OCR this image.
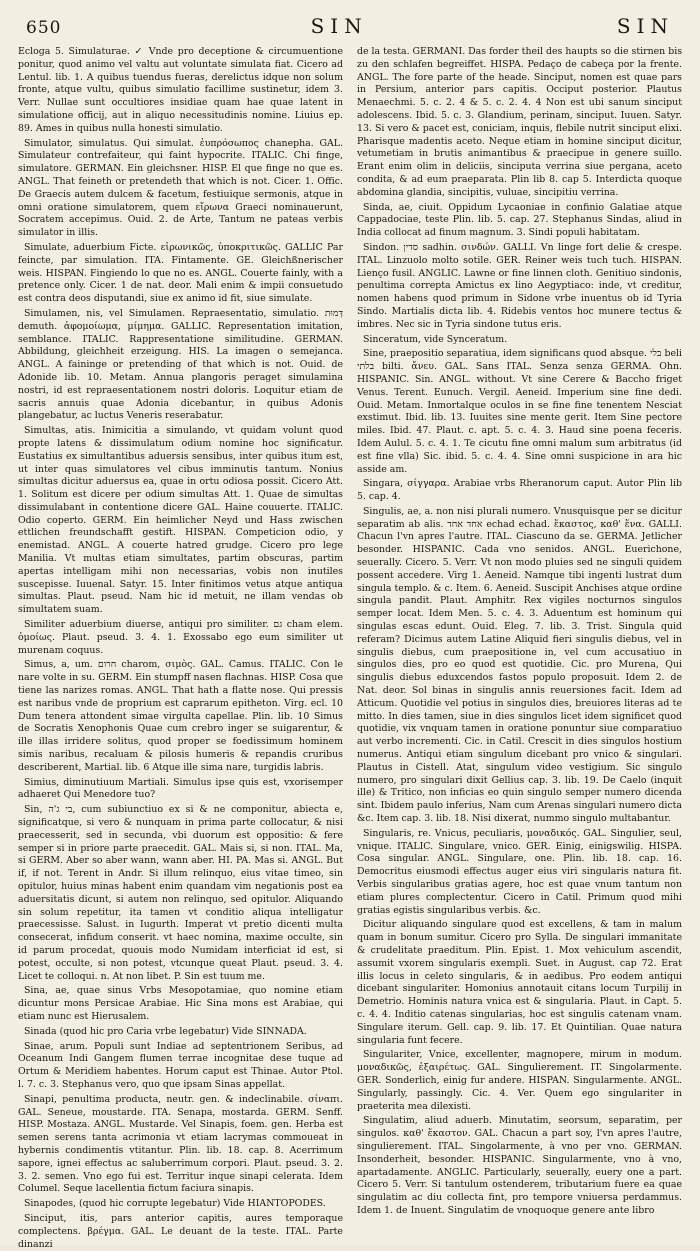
650	SIN	SIN

Ecloga 5. Simulaturae. ✓ Vnde pro deceptione & circumuentione ponitur, quod animo vel valtu aut voluntate simulata fiat. Cicero ad Lentul. lib. 1. A quibus tuendus fueras, derelictus idque non solum fronte, atque vultu, quibus simulatio facillime sustinetur, idem 3. Verr. Nullae sunt occultiores insidiae quam hae quae latent in simulatione officij, aut in aliquo necessitudinis nomine. Liuius ep. 89. Ames in quibus nulla honesti simulatio.

Simulator, simulatus. Qui simulat. ἐυπρόσωπος chanepha. GAL. Simulateur contrefaiteur, qui faint hypocrite. ITALIC. Chi finge, simulatore. GERMAN. Ein gleichsner. HISP. El que finge no que es. ANGL. That feineth or pretendeth that which is not. Cicer. 1. Offic. De Graecis autem dulcem & facetum, festiuique sermonis, atque in omni oratione simulatorem, quem εἴρωνα Graeci nominauerunt, Socratem accepimus. Ouid. 2. de Arte, Tantum ne pateas verbis simulator in illis.

Simulate, aduerbium Ficte. εἰρωνικῶς, ὑποκριτικῶς. GALLIC Par feincte, par simulation. ITA. Fintamente. GE. Gleichßnerischer weis. HISPAN. Fingiendo lo que no es. ANGL. Couerte fainly, with a pretence only. Cicer. 1 de nat. deor. Mali enim & impii consuetudo est contra deos disputandi, siue ex animo id fit, siue simulate.

Simulamen, nis, vel Simulamen. Repraesentatio, simulatio. דְּמוּת demuth. ἀφομοίωμα, μίμημα. GALLIC. Representation imitation, semblance. ITALIC. Rappresentatione similitudine. GERMAN. Abbildung, gleichheit erzeigung. HIS. La imagen o semejanca. ANGL. A faininge or pretending of that which is not. Ouid. de Adonide lib. 10. Metam. Annua plangoris peraget simulamina nostri, id est repraesentationem nostri doloris. Loquitur etiam de sacris annuis quae Adonia dicebantur, in quibus Adonis plangebatur, ac luctus Veneris reserabatur.

Simultas, atis. Inimicitia a simulando, vt quidam volunt quod propte latens & dissimulatum odium nomine hoc significatur. Eustatius ex simultantibus aduersis sensibus, inter quibus itum est, ut inter quas simulatores vel cibus imminutis tantum. Nonius simultas dicitur aduersus ea, quae in ortu odiosa possit. Cicero Att. 1. Solitum est dicere per odium simultas Att. 1. Quae de simultas dissimulabant in contentione dicere GAL. Haine couuerte. ITALIC. Odio coperto. GERM. Ein heimlicher Neyd und Hass zwischen ettlichen freundschafft gestift. HISPAN. Competicion odio, y enemistad. ANGL. A couerte hatred grudge. Cicero pro lege Manilia. Vt multas etiam simultates, partim obscuras, partim apertas intelligam mihi non necessarias, vobis non inutiles suscepisse. Iuuenal. Satyr. 15. Inter finitimos vetus atque antiqua simultas. Plaut. pseud. Nam hic id metuit, ne illam vendas ob simultatem suam.

Similiter aduerbium diuerse, antiqui pro similiter. גם cham elem. ὁμοίως. Plaut. pseud. 3. 4. 1. Exossabo ego eum similiter ut murenam coquus.

Simus, a, um. חרום charom, σιμὸς. GAL. Camus. ITALIC. Con le nare volte in su. GERM. Ein stumpff nasen flachnas. HISP. Cosa que tiene las narizes romas. ANGL. That hath a flatte nose. Qui pressis est naribus vnde de proprium est caprarum epitheton. Virg. ecl. 10 Dum tenera attondent simae virgulta capellae. Plin. lib. 10 Simus de Socratis Xenophonis Quae cum crebro inger se suigarentur, & ille illas irridere solitus, quod proper se foedissimum hominem simis naribus, recaluam & pilosis humeris & repandis cruribus describerent, Martial. lib. 6 Atque ille sima nare, turgidis labris.

Simius, diminutiuum Martiali. Simulus ipse quis est, vxorisemper adhaeret Qui Menedore tuo?

Sin, בי ג'ה, cum subiunctiuo ex si & ne componitur, abiecta e, significatque, si vero & nunquam in prima parte collocatur, & nisi praecesserit, sed in secunda, vbi duorum est oppositio: & fere semper si in priore parte praecedit. GAL. Mais si, si non. ITAL. Ma, si GERM. Aber so aber wann, wann aber. HI. PA. Mas si. ANGL. But if, if not. Terent in Andr. Si illum relinquo, eius vitae timeo, sin opitulor, huius minas habent enim quandam vim negationis post ea aduersitatis dicunt, si autem non relinquo, sed opitulor. Aliquando sin solum repetitur, ita tamen vt conditio aliqua intelligatur praecessisse. Salust. in Iugurth. Imperat vt pretio dicenti multa consecerat, infidum conserit. vt haec nomina, maxime occulte, sin id parum procedat, quouis modo Numidam interficiat id est, si potest, occulte, si non potest, vtcunque queat Plaut. pseud. 3. 4. Licet te colloqui. n. At non libet. P. Sin est tuum me.

Sina, ae, quae sinus Vrbs Mesopotamiae, quo nomine etiam dicuntur mons Persicae Arabiae. Hic Sina mons est Arabiae, qui etiam nunc est Hierusalem.

Sinada (quod hic pro Caria vrbe legebatur) Vide SINNADA.

Sinae, arum. Populi sunt Indiae ad septentrionem Seribus, ad Oceanum Indi Gangem flumen terrae incognitae dese tuque ad Ortum & Meridiem habentes. Horum caput est Thinae. Autor Ptol. l. 7. c. 3. Stephanus vero, quo que ipsam Sinas appellat.

Sinapi, penultima producta, neutr. gen. & indeclinabile. σίναπι. GAL. Seneue, moustarde. ITA. Senapa, mostarda. GERM. Senff. HISP. Mostaza. ANGL. Mustarde. Vel Sinapis, foem. gen. Herba est semen serens tanta acrimonia vt etiam lacrymas commoueat in hybernis condimentis vtitantur. Plin. lib. 18. cap. 8. Acerrimum sapore, ignei effectus ac saluberrimum corpori. Plaut. pseud. 3. 2. 3. 2. semen. Vno ego fui est. Territur inque sinapi celerata. Idem Columel. Seque lacellentia fictum faciura sinapis.

Sinapodes, (quod hic corrupte legebatur) Vide HIANTOPODES.

Sinciput, itis, pars anterior capitis, aures temporaque complectens. βρέγμα. GAL. Le deuant de la teste. ITAL. Parte dinanzi

de la testa. GERMANI. Das forder theil des haupts so die stirnen bis zu den schlafen begreiffet. HISPA. Pedaço de cabeça por la frente. ANGL. The fore parte of the heade. Sinciput, nomen est quae pars in Persium, anterior pars capitis. Occiput posterior. Plautus Menaechmi. 5. c. 2. 4 & 5. c. 2. 4. 4 Non est ubi sanum sinciput adolescens. Ibid. 5. c. 3. Glandium, perinam, sinciput. Iuuen. Satyr. 13. Si vero & pacet est, coniciam, inquis, flebile nutrit sinciput elixi. Pharisque madentis aceto. Neque etiam in homine sinciput dicitur, vetumetiam in brutis animantibus & praecipue in genere suillo. Erant enim olim in deliciis, sinciputa verrina siue pergana, aceto condita, & ad eum praeparata. Plin lib 8. cap 5. Interdicta quoque abdomina glandia, sincipitis, vuluae, sincipitiu verrina.

Sinda, ae, ciuit. Oppidum Lycaoniae in confinio Galatiae atque Cappadociae, teste Plin. lib. 5. cap. 27. Stephanus Sindas, aliud in India collocat ad finum magnum. 3. Sindi populi habitatam.

Sindon. סדין sadhin. σινδών. GALLI. Vn linge fort delie & crespe. ITAL. Linzuolo molto sotile. GER. Reiner weis tuch tuch. HISPAN. Lienço fusil. ANGLIC. Lawne or fine linnen cloth. Genitiuo sindonis, penultima correpta Amictus ex lino Aegyptiaco: inde, vt creditur, nomen habens quod primum in Sidone vrbe inuentus ob id Tyria Sindo. Martialis dicta lib. 4. Ridebis ventos hoc munere tectus & imbres. Nec sic in Tyria sindone tutus eris.

Sinceratum, vide Synceratum.

Sine, praepositio separatiua, idem significans quod absque. בלי beli בלתי bilti. ἄνευ. GAL. Sans ITAL. Senza senza GERMA. Ohn. HISPANIC. Sin. ANGL. without. Vt sine Cerere & Baccho friget Venus. Terent. Eunuch. Vergil. Aeneid. Imperium sine fine dedi. Ouid. Metam. Inmortalque oculos in se fine fine tenentem Nesciat exstimut. Ibid. lib. 13. Iuuites sine mente gerit. Item Sine pectore miles. Ibid. 47. Plaut. c. apt. 5. c. 4. 3. Haud sine poena feceris. Idem Aulul. 5. c. 4. 1. Te cicutu fine omni malum sum arbitratus (id est fine vlla) Sic. ibid. 5. c. 4. 4. Sine omni suspicione in ara hic asside am.

Singara, σίγγαρα. Arabiae vrbs Rheranorum caput. Autor Plin lib 5. cap. 4.

Singulis, ae, a. non nisi plurali numero. Vnusquisque per se dicitur separatim ab alis. אחד אחד echad echad. ἕκαστος, καθ' ἕνα. GALLI. Chacun l'vn apres l'autre. ITAL. Ciascuno da se. GERMA. Jetlicher besonder. HISPANIC. Cada vno senidos. ANGL. Euerichone, seuerally. Cicero. 5. Verr. Vt non modo pluies sed ne singuli quidem possent accedere. Virg 1. Aeneid. Namque tibi ingenti lustrat dum singula templo. & c. Item. 6. Aeneid. Suscipit Anchises atque ordine singula pandit. Plaut. Amphitr. Rex vigiles nocturnos singulos semper locat. Idem Men. 5. c. 4. 3. Aduentum est hominum qui singulas escas edunt. Ouid. Eleg. 7. lib. 3. Trist. Singula quid referam? Dicimus autem Latine Aliquid fieri singulis diebus, vel in singulis diebus, cum praepositione in, vel cum accusatiuo in singulos dies, pro eo quod est quotidie. Cic. pro Murena, Qui singulis diebus eduxcendos fastos populo proposuit. Idem 2. de Nat. deor. Sol binas in singulis annis reuersiones facit. Idem ad Atticum. Quotidie vel potius in singulos dies, breuiores literas ad te mitto. In dies tamen, siue in dies singulos licet idem significet quod quotidie, vix vnquam tamen in oratione ponuntur siue comparatiuo aut verbo incrementi. Cic. in Catil. Crescit in dies singulos hostium numerus. Antiqui etiam singulum dicebant pro vnico & singulari. Plautus in Cistell. Atat, singulum video vestigium. Sic singulo numero, pro singulari dixit Gellius cap. 3. lib. 19. De Caelo (inquit ille) & Tritico, non inficias eo quin singulo semper numero dicenda sint. Ibidem paulo inferius, Nam cum Arenas singulari numero dicta &c. Item cap. 3. lib. 18. Nisi dixerat, nummo singulo multabantur.

Singularis, re. Vnicus, peculiaris, μοναδικός. GAL. Singulier, seul, vnique. ITALIC. Singulare, vnico. GER. Einig, einigswilig. HISPA. Cosa singular. ANGL. Singulare, one. Plin. lib. 18. cap. 16. Democritus eiusmodi effectus auger eius viri singularis natura fit. Verbis singularibus gratias agere, hoc est quae vnum tantum non etiam plures complectentur. Cicero in Catil. Primum quod mihi gratias egistis singularibus verbis. &c.

Dicitur aliquando singulare quod est excellens, & tam in malum quam in bonum sumitur. Cicero pro Sylla. De singulari immanitate & crudelitate praeditum. Plin. Epist. 1. Mox vehiculum ascendit, assumit vxorem singularis exempli. Suet. in August. cap 72. Erat illis locus in celeto singularis, & in aedibus. Pro eodem antiqui dicebant singulariter. Homonius annotauit citans locum Turpilij in Demetrio. Hominis natura vnica est & singularia. Plaut. in Capt. 5. c. 4. 4. Inditio catenas singularias, hoc est singulis catenam vnam. Singulare iterum. Gell. cap. 9. lib. 17. Et Quintilian. Quae natura singularia funt fecere.

Singulariter, Vnice, excellenter, magnopere, mirum in modum. μοναδικῶς, ἐξαιρέτως. GAL. Singulierement. IT. Singolarmente. GER. Sonderlich, einig fur andere. HISPAN. Singularmente. ANGL. Singularly, passingly. Cic. 4. Ver. Quem ego singulariter in praeterita mea dilexisti.

Singulatim, aliud aduerb. Minutatim, seorsum, separatim, per singulos. καθ' ἕκαστον. GAL. Chacun a part soy, l'vn apres l'autre, singulierement. ITAL. Singolarmente, à vno per vno. GERMAN. Insonderheit, besonder. HISPANIC. Singularmente, vno à vno, apartadamente. ANGLIC. Particularly, seuerally, euery one a part. Cicero 5. Verr. Si tantulum ostenderem, tributarium fuere ea quae singulatim ac diu collecta fint, pro tempore vniuersa perdammus. Idem 1. de Inuent. Singulatim de vnoquoque genere ante libro
